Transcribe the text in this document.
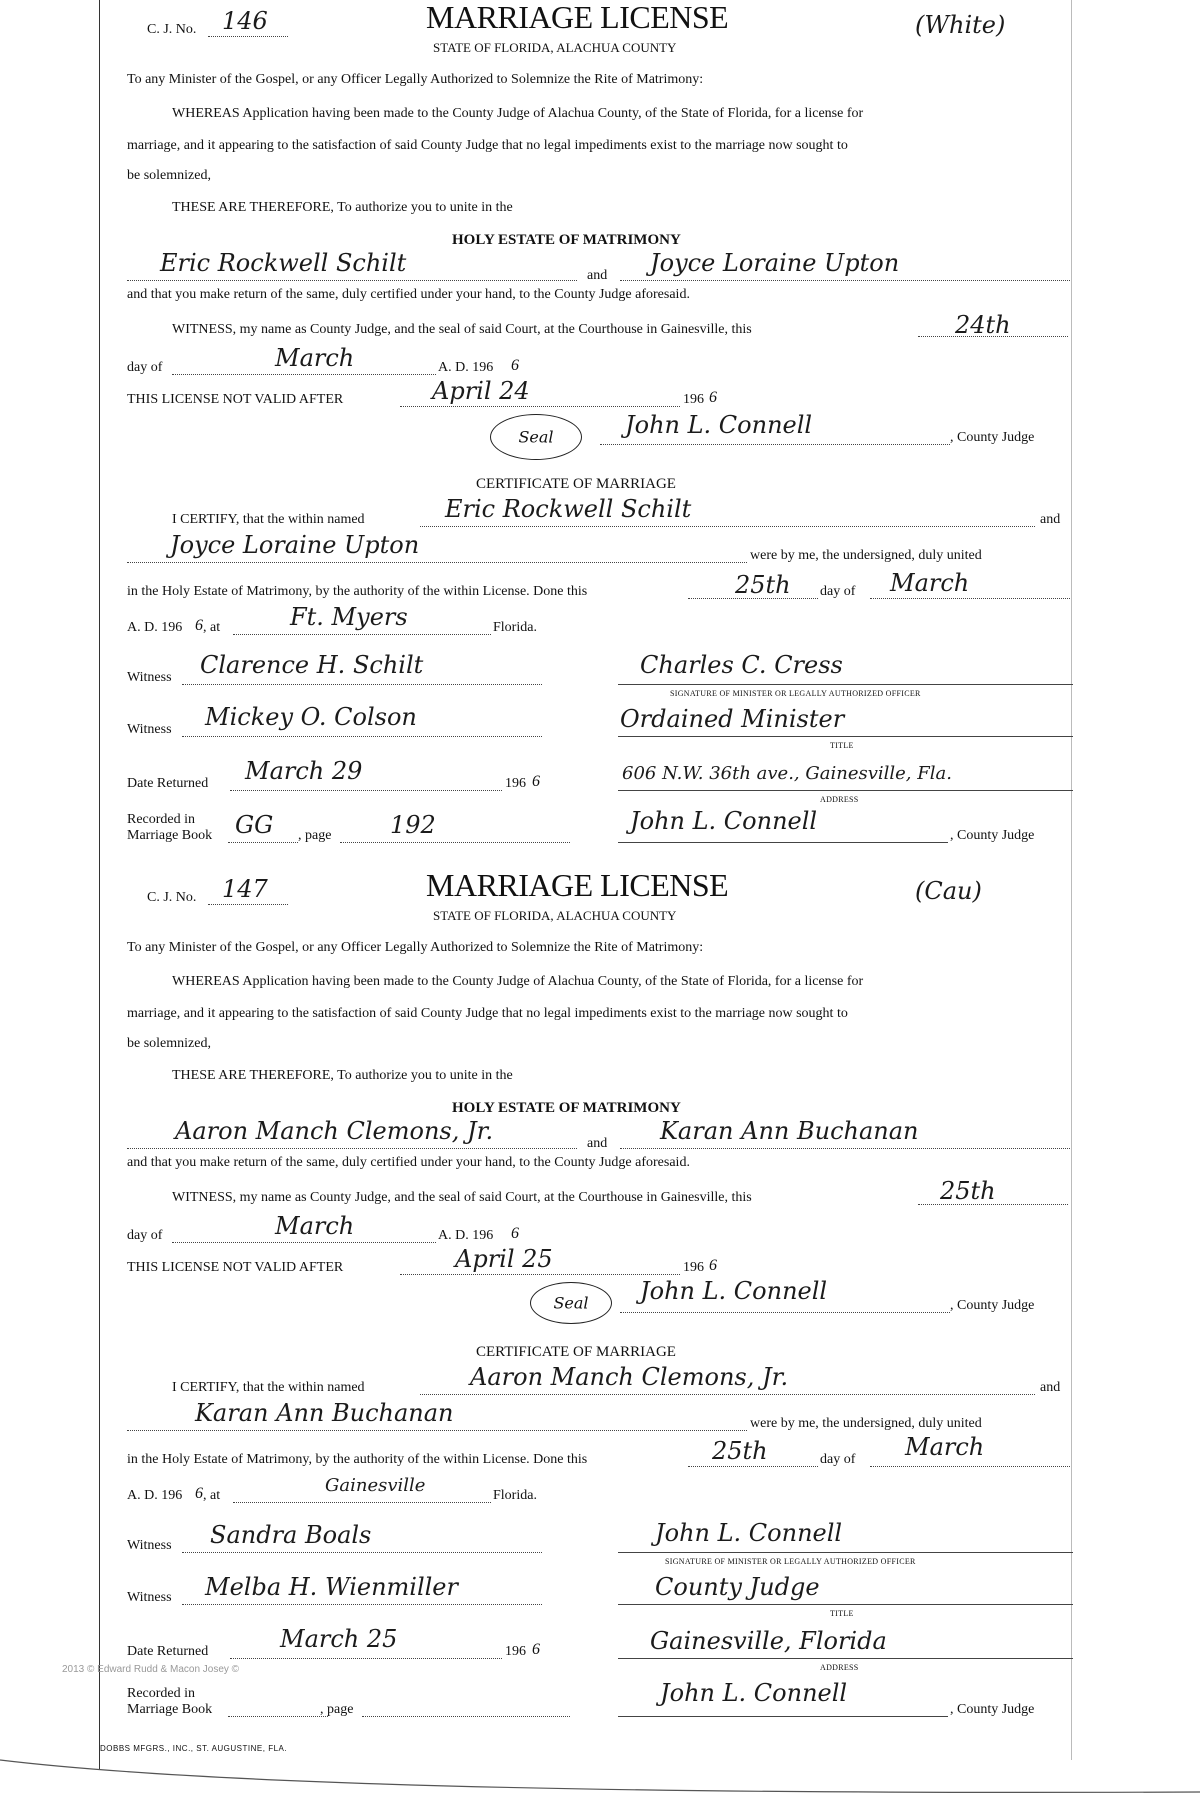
C. J. No. 146	MARRIAGE LICENSE
STATE OF FLORIDA, ALACHUA COUNTY
(White)
To any Minister of the Gospel, or any Officer Legally Authorized to Solemnize the Rite of Matrimony:
WHEREAS Application having been made to the County Judge of Alachua County, of the State of Florida, for a license for
marriage, and it appearing to the satisfaction of said County Judge that no legal impediments exist to the marriage now sought to
be solemnized,
THESE ARE THEREFORE, To authorize you to unite in the
HOLY ESTATE OF MATRIMONY
Eric Rockwell Schilt	and Joyce Loraine Upton
and that you make return of the same, duly certified under your hand, to the County Judge aforesaid.
WITNESS, my name as County Judge, and the seal of said Court, at the Courthouse in Gainesville, this	24th
day of	March	A. D. 196 6
THIS LICENSE NOT VALID AFTER	April 24	196 6
Seal	John L. Connell	, County Judge
CERTIFICATE OF MARRIAGE
I CERTIFY, that the within named	Eric Rockwell Schilt	and
Joyce Loraine Upton	were by me, the undersigned, duly united
in the Holy Estate of Matrimony, by the authority of the within License. Done this	25th day of March
A. D. 196 6 , at	Ft. Myers	Florida.
Witness Clarence H. Schilt	Charles C. Cress
SIGNATURE OF MINISTER OR LEGALLY AUTHORIZED OFFICER
Witness Mickey O. Colson	Ordained Minister
TITLE
Date Returned March 29	196 6	606 N.W. 36th ave., Gainesville, Fla.
ADDRESS
Recorded in
Marriage Book GG , page 192	John L. Connell
, County Judge
C. J. No. 147	MARRIAGE LICENSE
STATE OF FLORIDA, ALACHUA COUNTY
(Cau)
To any Minister of the Gospel, or any Officer Legally Authorized to Solemnize the Rite of Matrimony:
WHEREAS Application having been made to the County Judge of Alachua County, of the State of Florida, for a license for
marriage, and it appearing to the satisfaction of said County Judge that no legal impediments exist to the marriage now sought to
be solemnized,
THESE ARE THEREFORE, To authorize you to unite in the
HOLY ESTATE OF MATRIMONY
Aaron Manch Clemons, Jr.	and Karan Ann Buchanan
and that you make return of the same, duly certified under your hand, to the County Judge aforesaid.
WITNESS, my name as County Judge, and the seal of said Court, at the Courthouse in Gainesville, this	25th
day of	March	A. D. 196 6
THIS LICENSE NOT VALID AFTER	April 25	196 6
Seal	John L. Connell
, County Judge
CERTIFICATE OF MARRIAGE
I CERTIFY, that the within named	Aaron Manch Clemons, Jr.	and
Karan Ann Buchanan	were by me, the undersigned, duly united
in the Holy Estate of Matrimony, by the authority of the within License. Done this	25th	day of March
A. D. 196 6 , at	Gainesville	Florida.
Witness Sandra Boals	John L. Connell
SIGNATURE OF MINISTER OR LEGALLY AUTHORIZED OFFICER
Witness Melba H. Wienmiller	County Judge
TITLE
Date Returned	March 25	196 6	Gainesville, Florida
ADDRESS
2013 © Edward Rudd & Macon Josey ©
Recorded in
Marriage Book	, page
John L. Connell
, County Judge
DOBBS MFGRS., INC., ST. AUGUSTINE, FLA.
